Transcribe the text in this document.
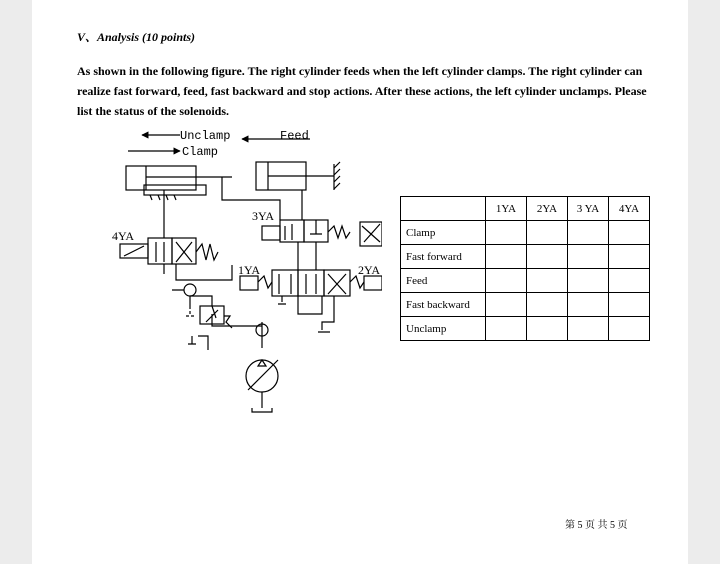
V、Analysis (10 points)
As shown in the following figure. The right cylinder feeds when the left cylinder clamps. The right cylinder can realize fast forward, feed, fast backward and stop actions. After these actions, the left cylinder unclamps. Please list the status of the solenoids.
Unclamp
Clamp
Feed
3YA
4YA
1YA	2YA
	1YA	2YA	3 YA	4YA
Clamp				
Fast forward				
Feed				
Fast backward				
Unclamp				
第 5 页 共 5 页
